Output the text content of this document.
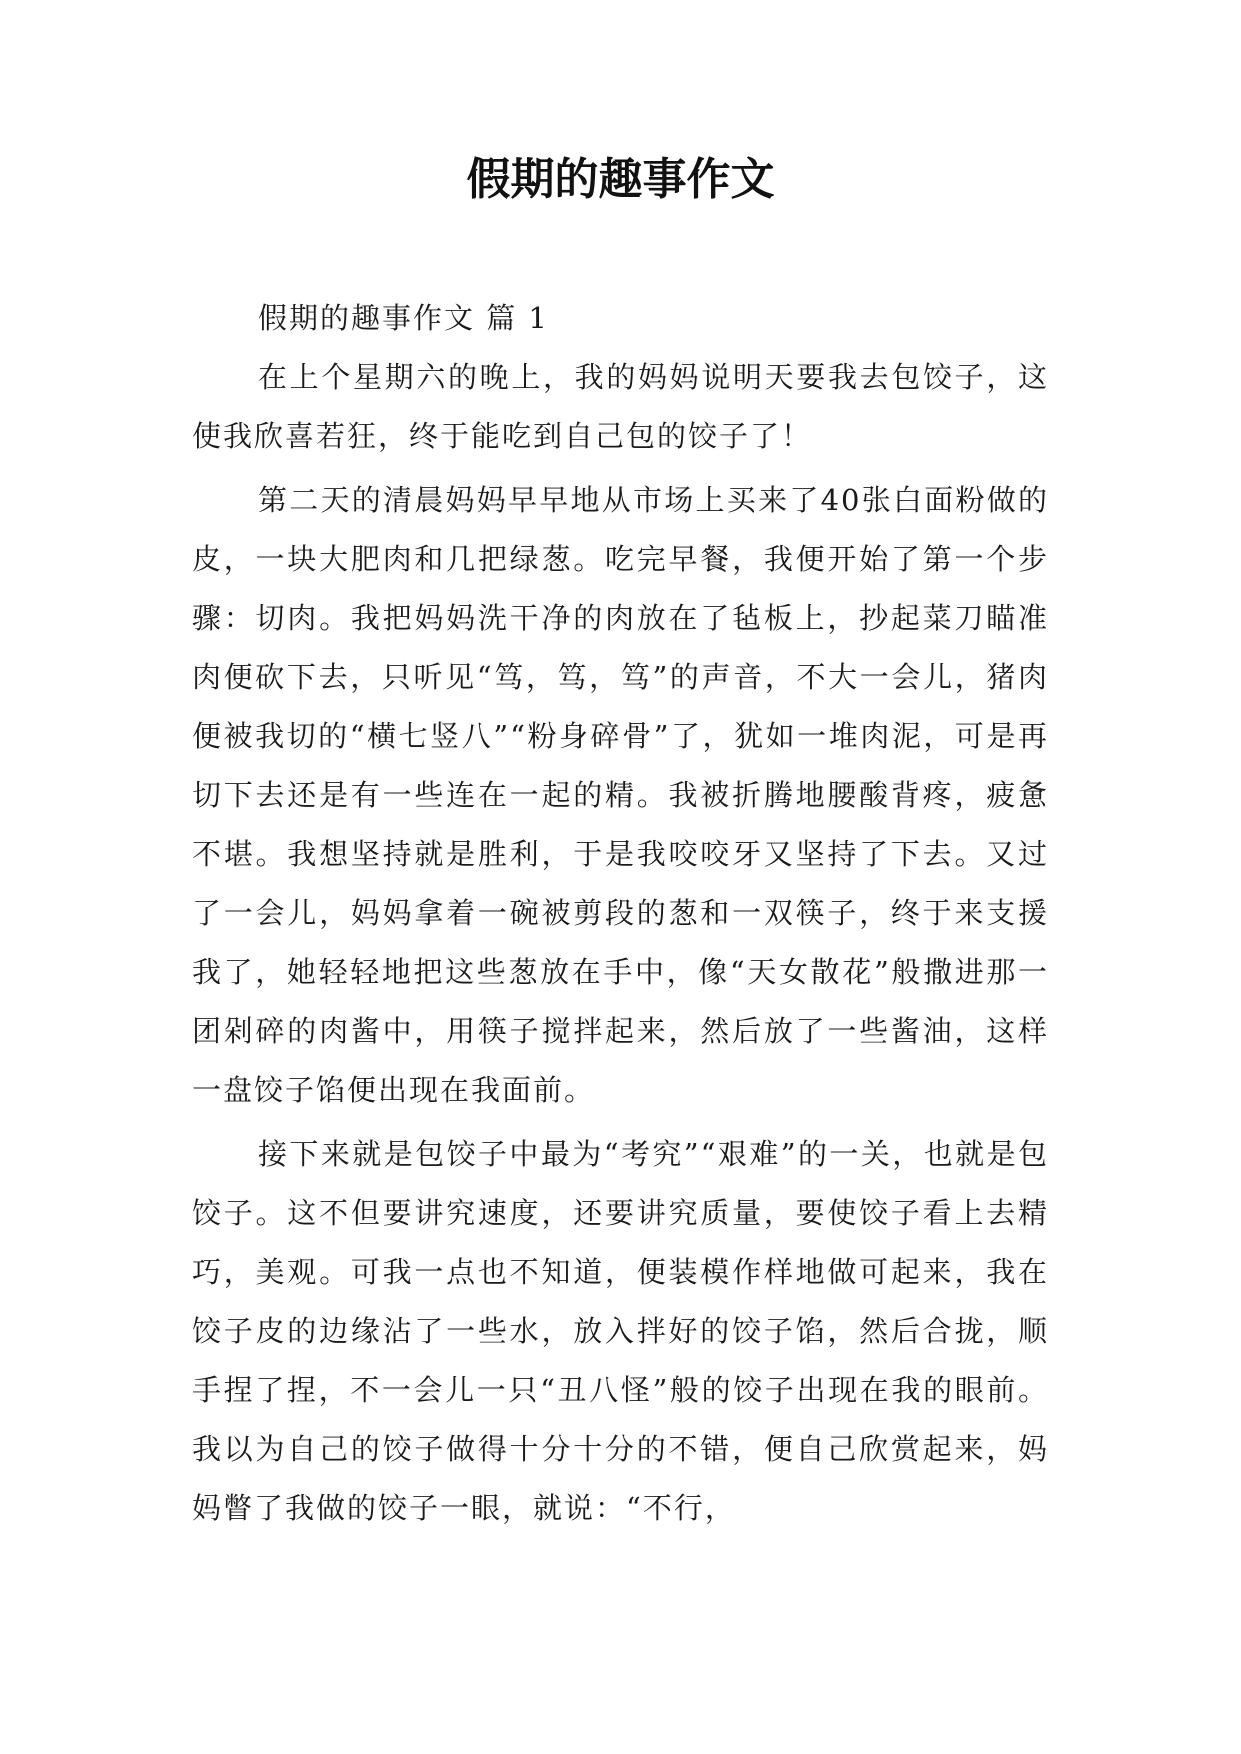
假期的趣事作文

假期的趣事作文 篇 1

在上个星期六的晚上，我的妈妈说明天要我去包饺子，这使我欣喜若狂，终于能吃到自己包的饺子了！

第二天的清晨妈妈早早地从市场上买来了40张白面粉做的皮，一块大肥肉和几把绿葱。吃完早餐，我便开始了第一个步骤：切肉。我把妈妈洗干净的肉放在了毡板上，抄起菜刀瞄准肉便砍下去，只听见“笃，笃，笃”的声音，不大一会儿，猪肉便被我切的“横七竖八”“粉身碎骨”了，犹如一堆肉泥，可是再切下去还是有一些连在一起的精。我被折腾地腰酸背疼，疲惫不堪。我想坚持就是胜利，于是我咬咬牙又坚持了下去。又过了一会儿，妈妈拿着一碗被剪段的葱和一双筷子，终于来支援我了，她轻轻地把这些葱放在手中，像“天女散花”般撒进那一团剁碎的肉酱中，用筷子搅拌起来，然后放了一些酱油，这样一盘饺子馅便出现在我面前。

接下来就是包饺子中最为“考究”“艰难”的一关，也就是包饺子。这不但要讲究速度，还要讲究质量，要使饺子看上去精巧，美观。可我一点也不知道，便装模作样地做可起来，我在饺子皮的边缘沾了一些水，放入拌好的饺子馅，然后合拢，顺手捏了捏，不一会儿一只“丑八怪”般的饺子出现在我的眼前。我以为自己的饺子做得十分十分的不错，便自己欣赏起来，妈妈瞥了我做的饺子一眼，就说：“不行，
